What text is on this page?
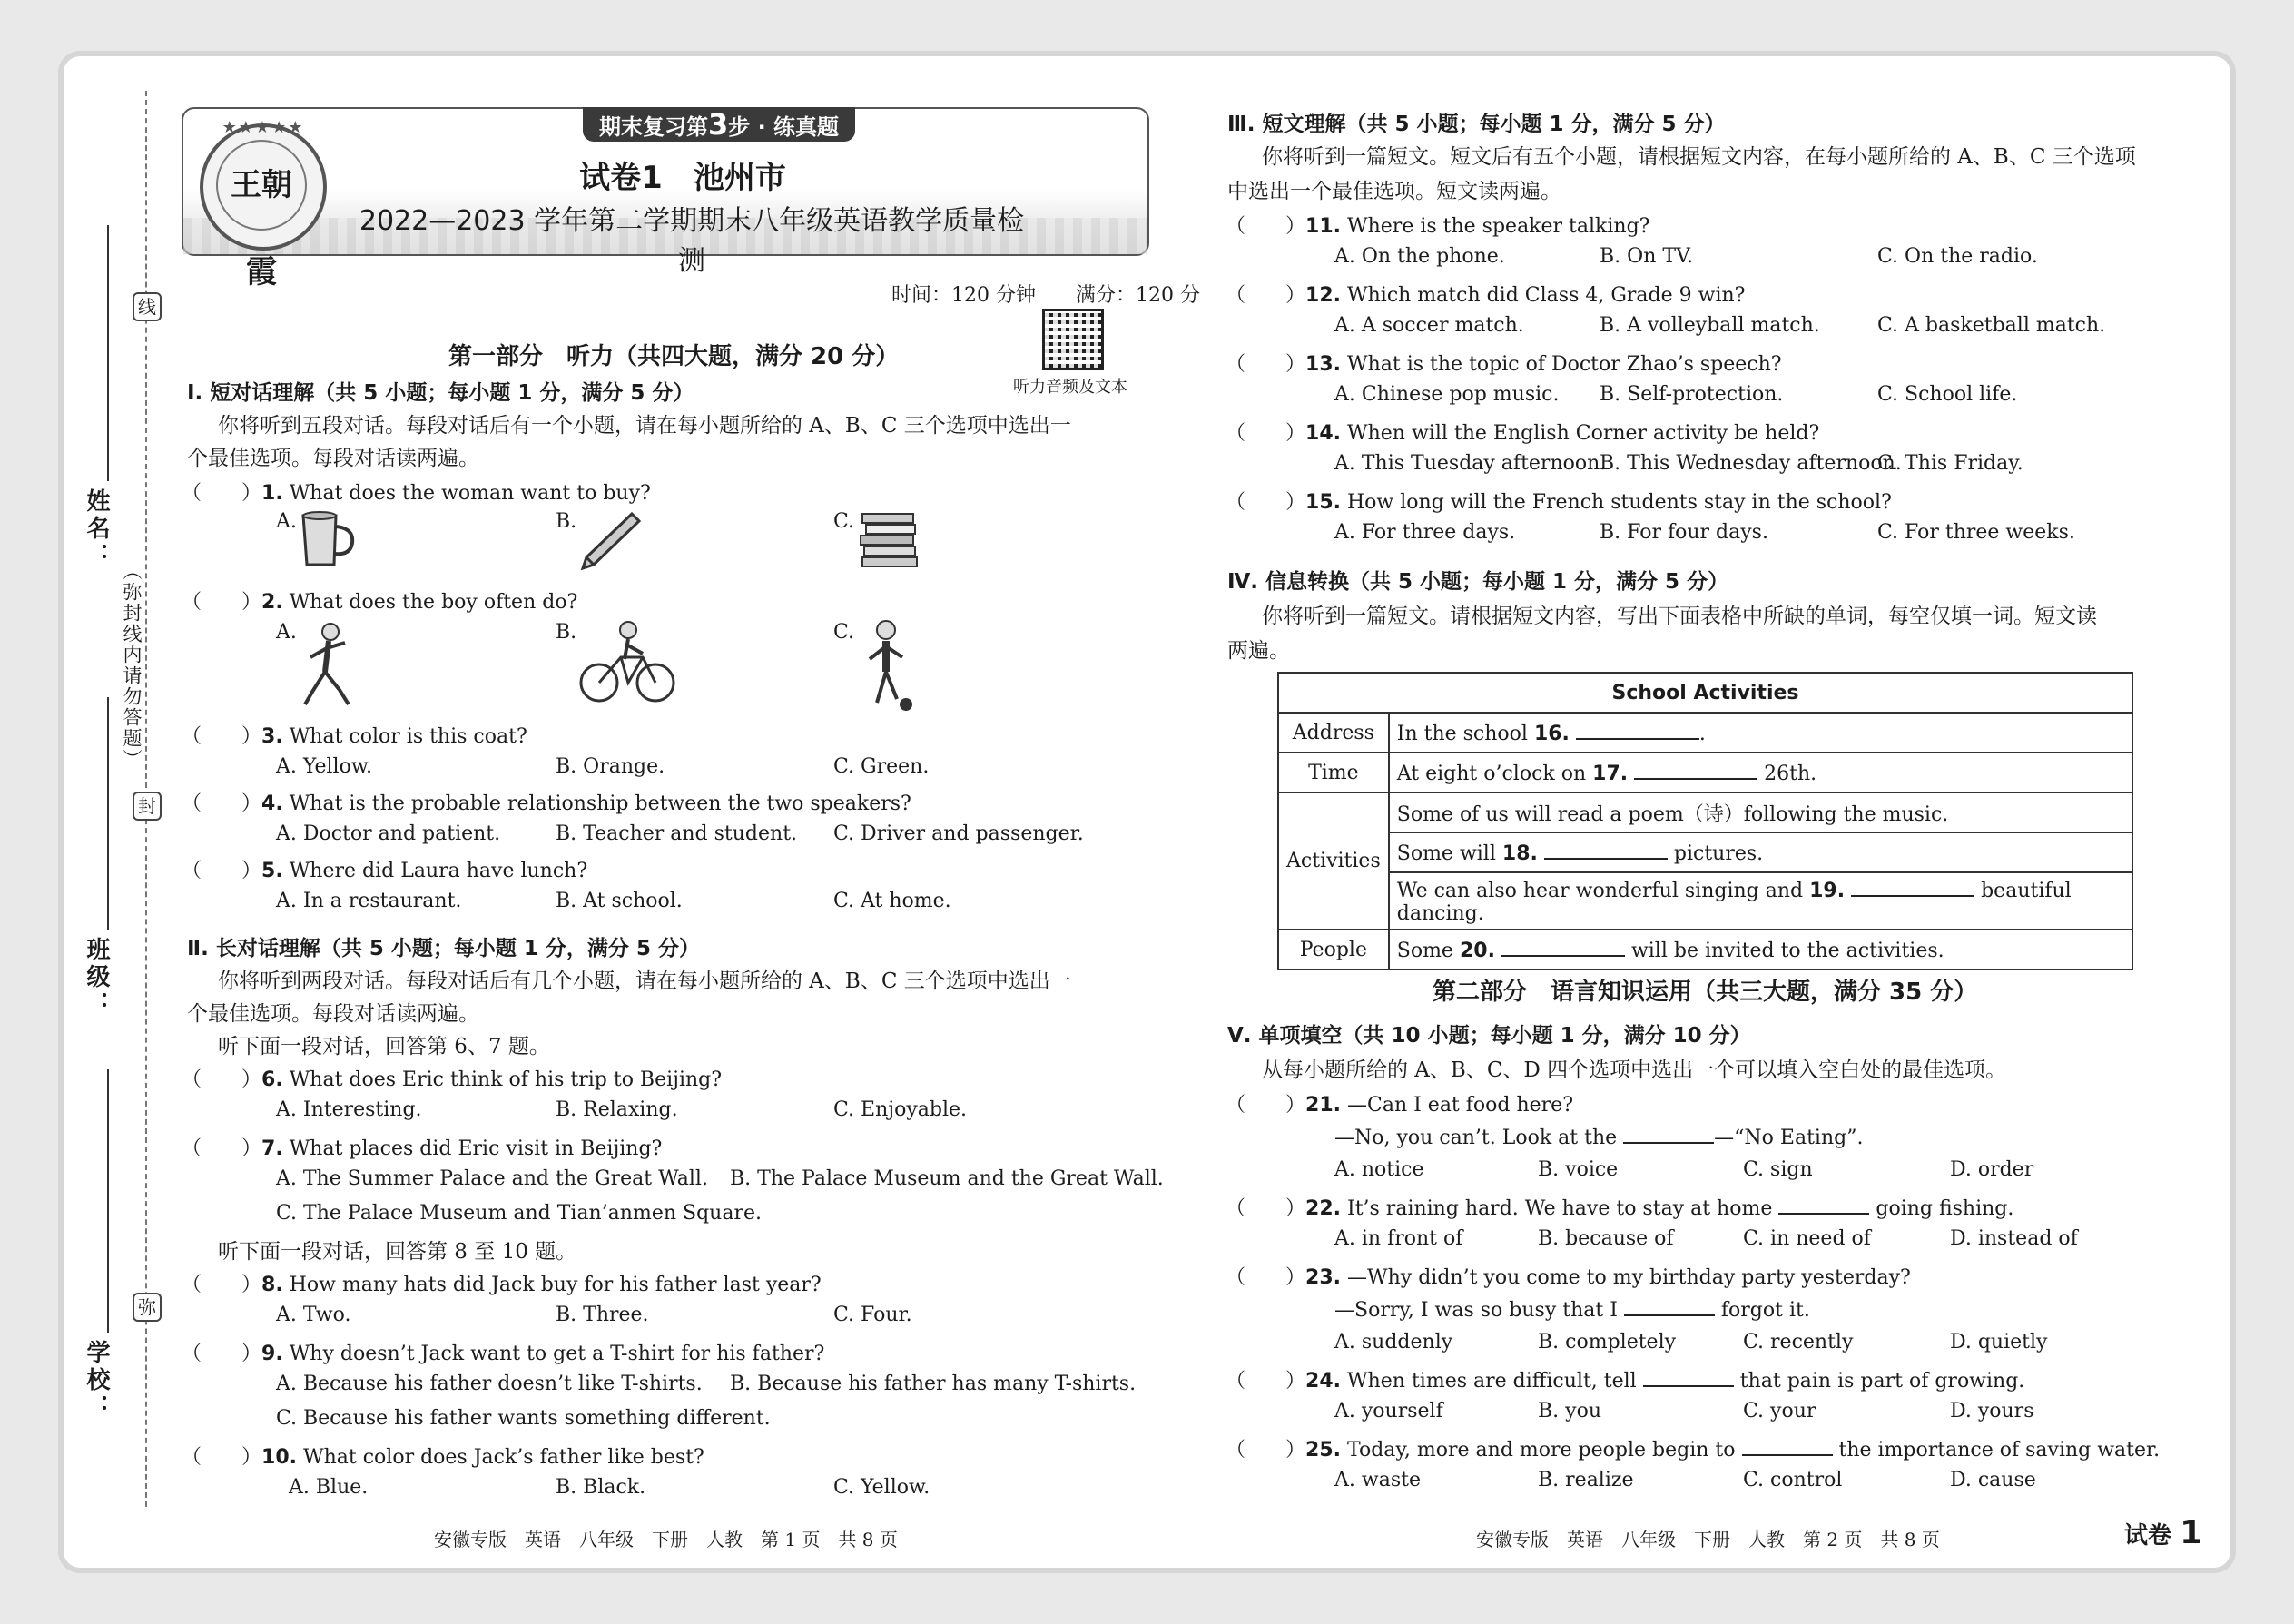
线
封
弥
（弥封线内请勿答题）
姓名：
班级：
学校：
期末复习第3步 · 练真题
★★★★★
王朝霞
试卷1　池州市
2022—2023 学年第二学期期末八年级英语教学质量检测
时间：120 分钟　　满分：120 分
听力音频及文本
第一部分　听力（共四大题，满分 20 分）
Ⅰ. 短对话理解（共 5 小题；每小题 1 分，满分 5 分）
你将听到五段对话。每段对话后有一个小题，请在每小题所给的 A、B、C 三个选项中选出一
个最佳选项。每段对话读两遍。
（　　）1. What does the woman want to buy?
A.	B.	C.
（　　）2. What does the boy often do?
A.	B.	C.
（　　）3. What color is this coat?
A. Yellow.	B. Orange.	C. Green.
（　　）4. What is the probable relationship between the two speakers?
A. Doctor and patient.	B. Teacher and student. C. Driver and passenger.
（　　）5. Where did Laura have lunch?
A. In a restaurant.	B. At school.	C. At home.
Ⅱ. 长对话理解（共 5 小题；每小题 1 分，满分 5 分）
你将听到两段对话。每段对话后有几个小题，请在每小题所给的 A、B、C 三个选项中选出一
个最佳选项。每段对话读两遍。
听下面一段对话，回答第 6、7 题。
（　　）6. What does Eric think of his trip to Beijing?
A. Interesting.	B. Relaxing.	C. Enjoyable.
（　　）7. What places did Eric visit in Beijing?
A. The Summer Palace and the Great Wall. B. The Palace Museum and the Great Wall.
C. The Palace Museum and Tian’anmen Square.
听下面一段对话，回答第 8 至 10 题。
（　　）8. How many hats did Jack buy for his father last year?
A. Two.	B. Three.	C. Four.
（　　）9. Why doesn’t Jack want to get a T-shirt for his father?
A. Because his father doesn’t like T-shirts. B. Because his father has many T-shirts.
C. Because his father wants something different.
（　　）10. What color does Jack’s father like best?
A. Blue.	B. Black.	C. Yellow.
安徽专版　英语　八年级　下册　人教　第 1 页　共 8 页
Ⅲ. 短文理解（共 5 小题；每小题 1 分，满分 5 分）
你将听到一篇短文。短文后有五个小题，请根据短文内容，在每小题所给的 A、B、C 三个选项
中选出一个最佳选项。短文读两遍。
（　　）11. Where is the speaker talking?
A. On the phone.	B. On TV.	C. On the radio.
（　　）12. Which match did Class 4, Grade 9 win?
A. A soccer match.	B. A volleyball match.	C. A basketball match.
（　　）13. What is the topic of Doctor Zhao’s speech?
A. Chinese pop music. B. Self-protection.	C. School life.
（　　）14. When will the English Corner activity be held?
A. This Tuesday afternoon.
B. This Wednesday afternoon.
C. This Friday.
（　　）15. How long will the French students stay in the school?
A. For three days.	B. For four days.	C. For three weeks.
Ⅳ. 信息转换（共 5 小题；每小题 1 分，满分 5 分）
你将听到一篇短文。请根据短文内容，写出下面表格中所缺的单词，每空仅填一词。短文读
两遍。
School Activities	
Address	In the school 16. .
Time	At eight o’clock on 17. 26th.
Activities	Some of us will read a poem（诗）following the music.
	Some will 18. pictures.
	We can also hear wonderful singing and 19. beautiful dancing.
People	Some 20. will be invited to the activities.
第二部分　语言知识运用（共三大题，满分 35 分）
Ⅴ. 单项填空（共 10 小题；每小题 1 分，满分 10 分）
从每小题所给的 A、B、C、D 四个选项中选出一个可以填入空白处的最佳选项。
（　　）21. —Can I eat food here?
—No, you can’t. Look at the	—“No Eating”.
A. notice	B. voice	C. sign	D. order
（　　）22. It’s raining hard. We have to stay at home	going fishing.
A. in front of	B. because of	C. in need of	D. instead of
（　　）23. —Why didn’t you come to my birthday party yesterday?
—Sorry, I was so busy that I	forgot it.
A. suddenly	B. completely	C. recently	D. quietly
（　　）24. When times are difficult, tell	that pain is part of growing.
A. yourself	B. you	C. your	D. yours
（　　）25. Today, more and more people begin to	the importance of saving water.
A. waste	B. realize	C. control	D. cause
安徽专版　英语　八年级　下册　人教　第 2 页　共 8 页	试卷 1
